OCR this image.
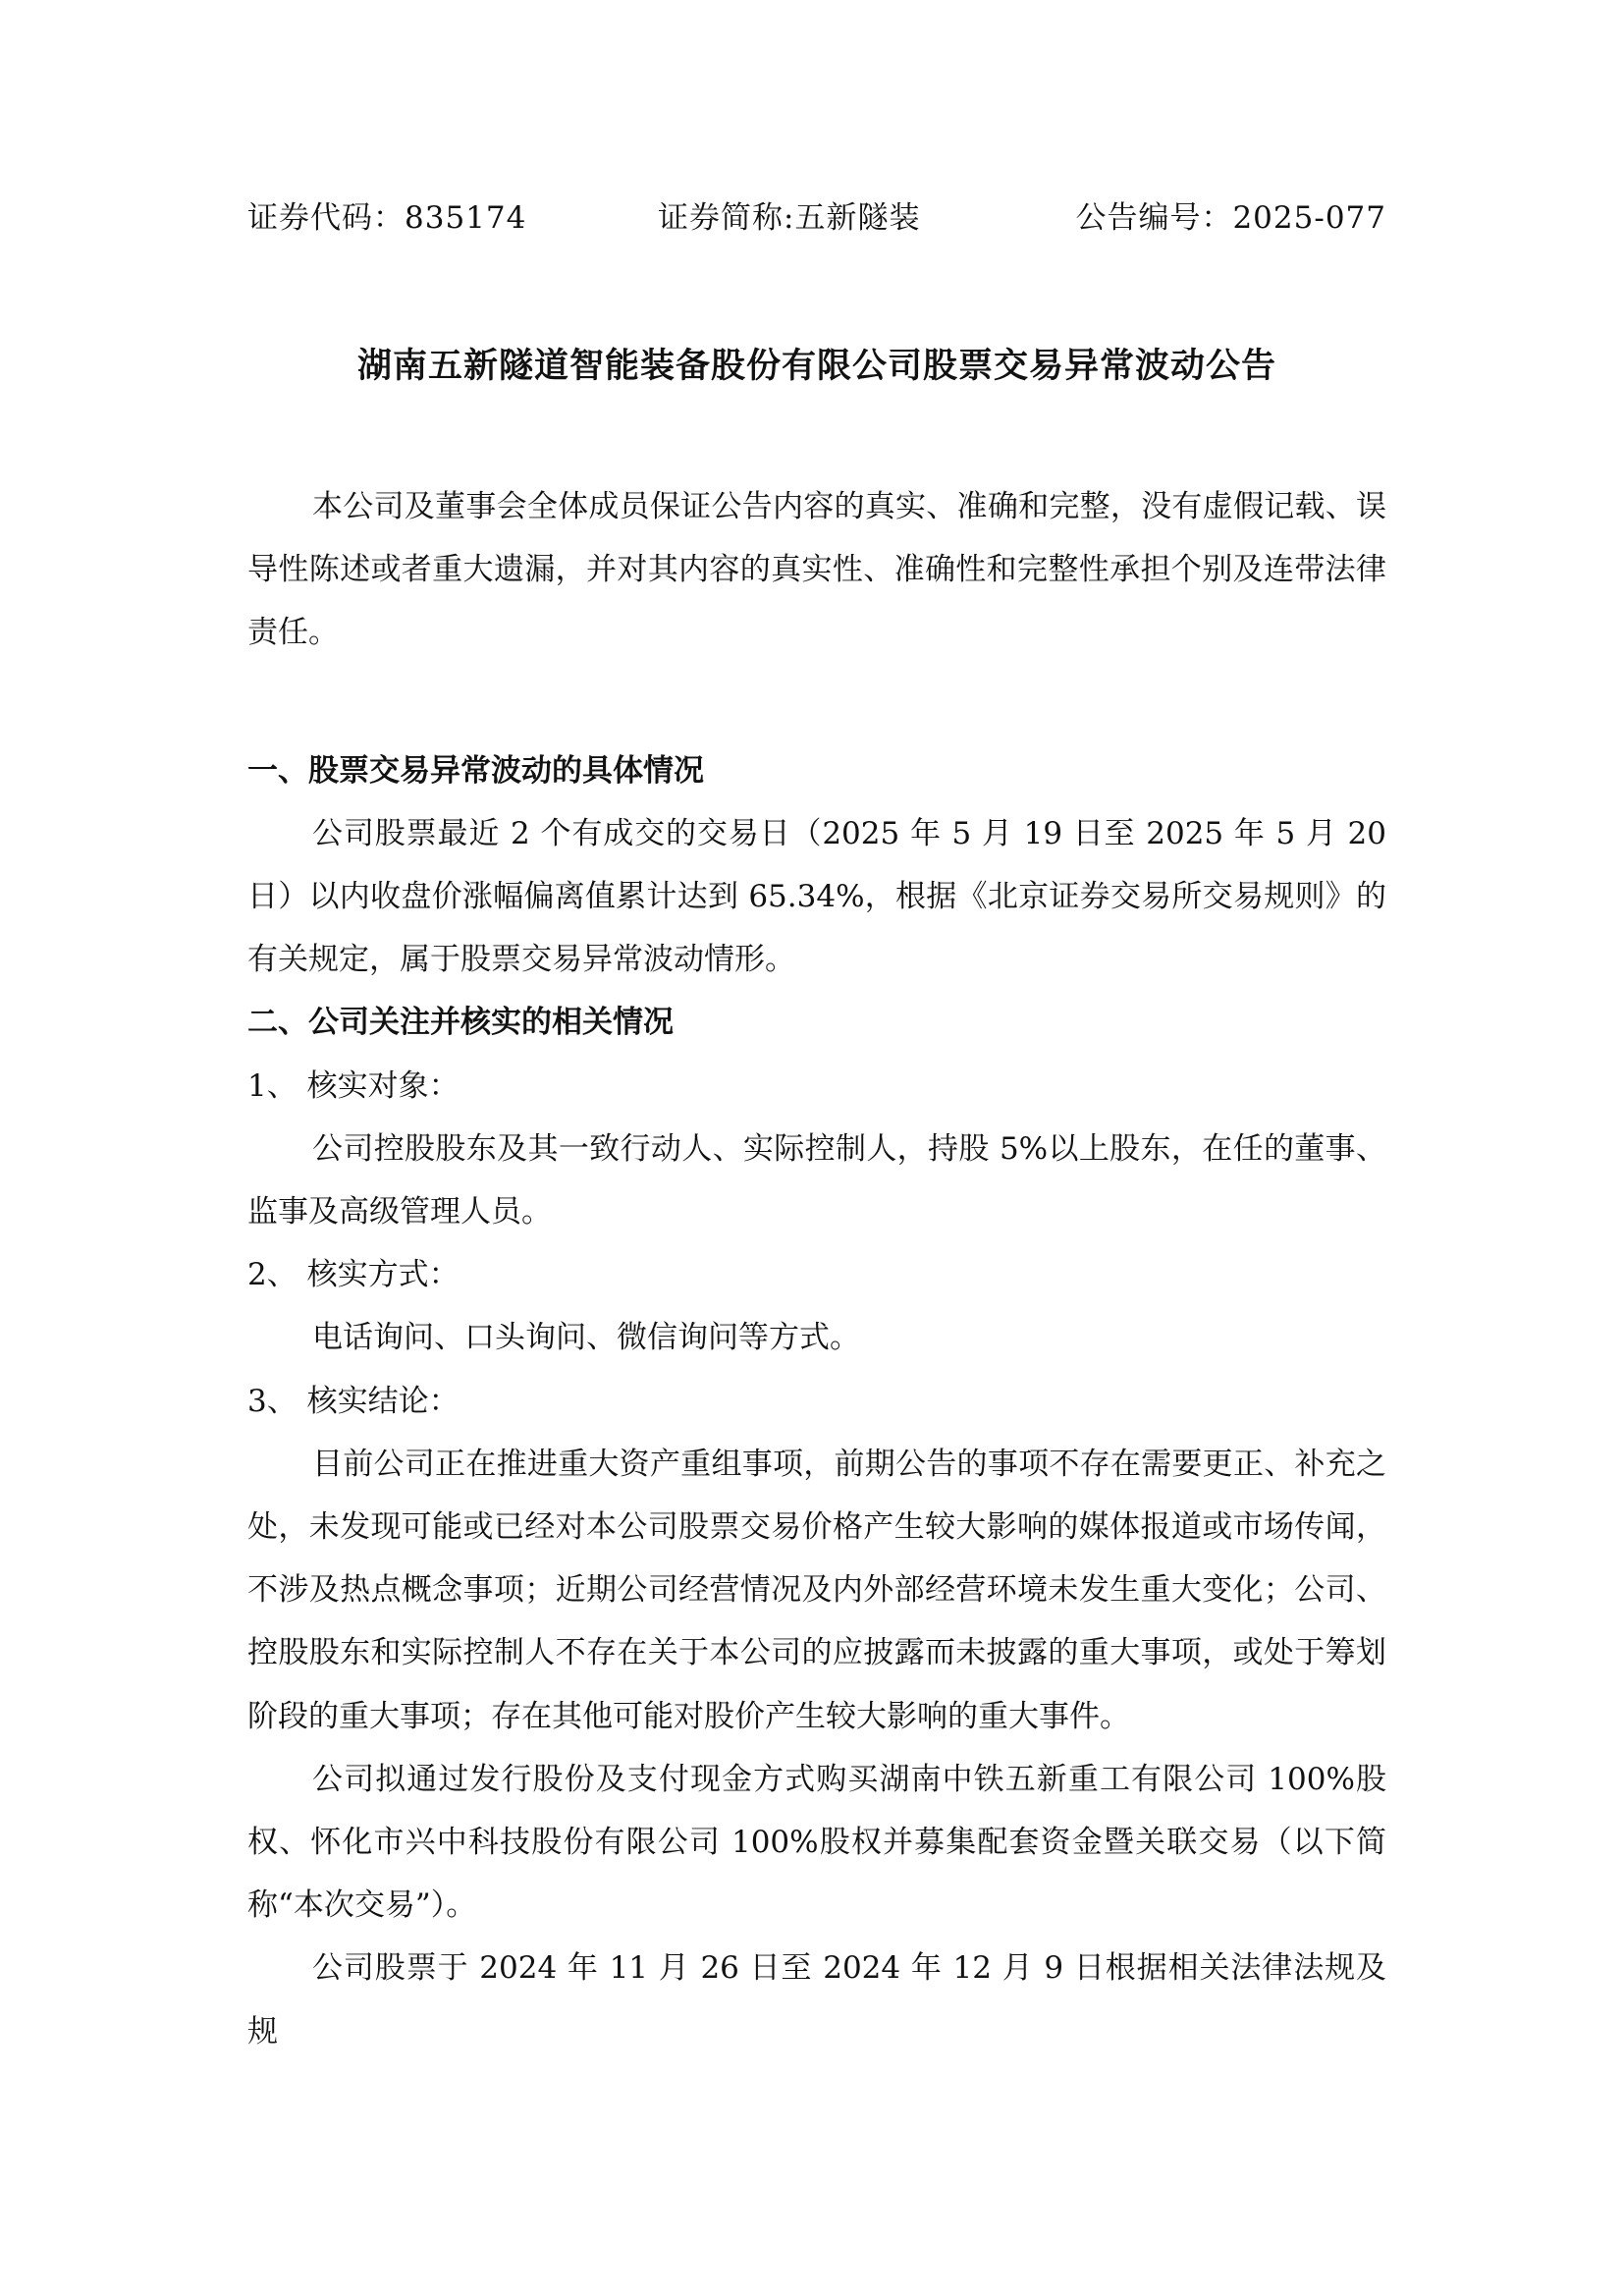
证券代码：835174	证券简称:五新隧装	公告编号：2025-077
湖南五新隧道智能装备股份有限公司股票交易异常波动公告

本公司及董事会全体成员保证公告内容的真实、准确和完整，没有虚假记载、误导性陈述或者重大遗漏，并对其内容的真实性、准确性和完整性承担个别及连带法律责任。

一、股票交易异常波动的具体情况

公司股票最近 2 个有成交的交易日（2025 年 5 月 19 日至 2025 年 5 月 20 日）以内收盘价涨幅偏离值累计达到 65.34%，根据《北京证券交易所交易规则》的有关规定，属于股票交易异常波动情形。

二、公司关注并核实的相关情况

1、 核实对象：

公司控股股东及其一致行动人、实际控制人，持股 5%以上股东，在任的董事、监事及高级管理人员。

2、 核实方式：

电话询问、口头询问、微信询问等方式。

3、 核实结论：

目前公司正在推进重大资产重组事项，前期公告的事项不存在需要更正、补充之处，未发现可能或已经对本公司股票交易价格产生较大影响的媒体报道或市场传闻，不涉及热点概念事项；近期公司经营情况及内外部经营环境未发生重大变化；公司、控股股东和实际控制人不存在关于本公司的应披露而未披露的重大事项，或处于筹划阶段的重大事项；存在其他可能对股价产生较大影响的重大事件。

公司拟通过发行股份及支付现金方式购买湖南中铁五新重工有限公司 100%股权、怀化市兴中科技股份有限公司 100%股权并募集配套资金暨关联交易（以下简称“本次交易”）。

公司股票于 2024 年 11 月 26 日至 2024 年 12 月 9 日根据相关法律法规及规
